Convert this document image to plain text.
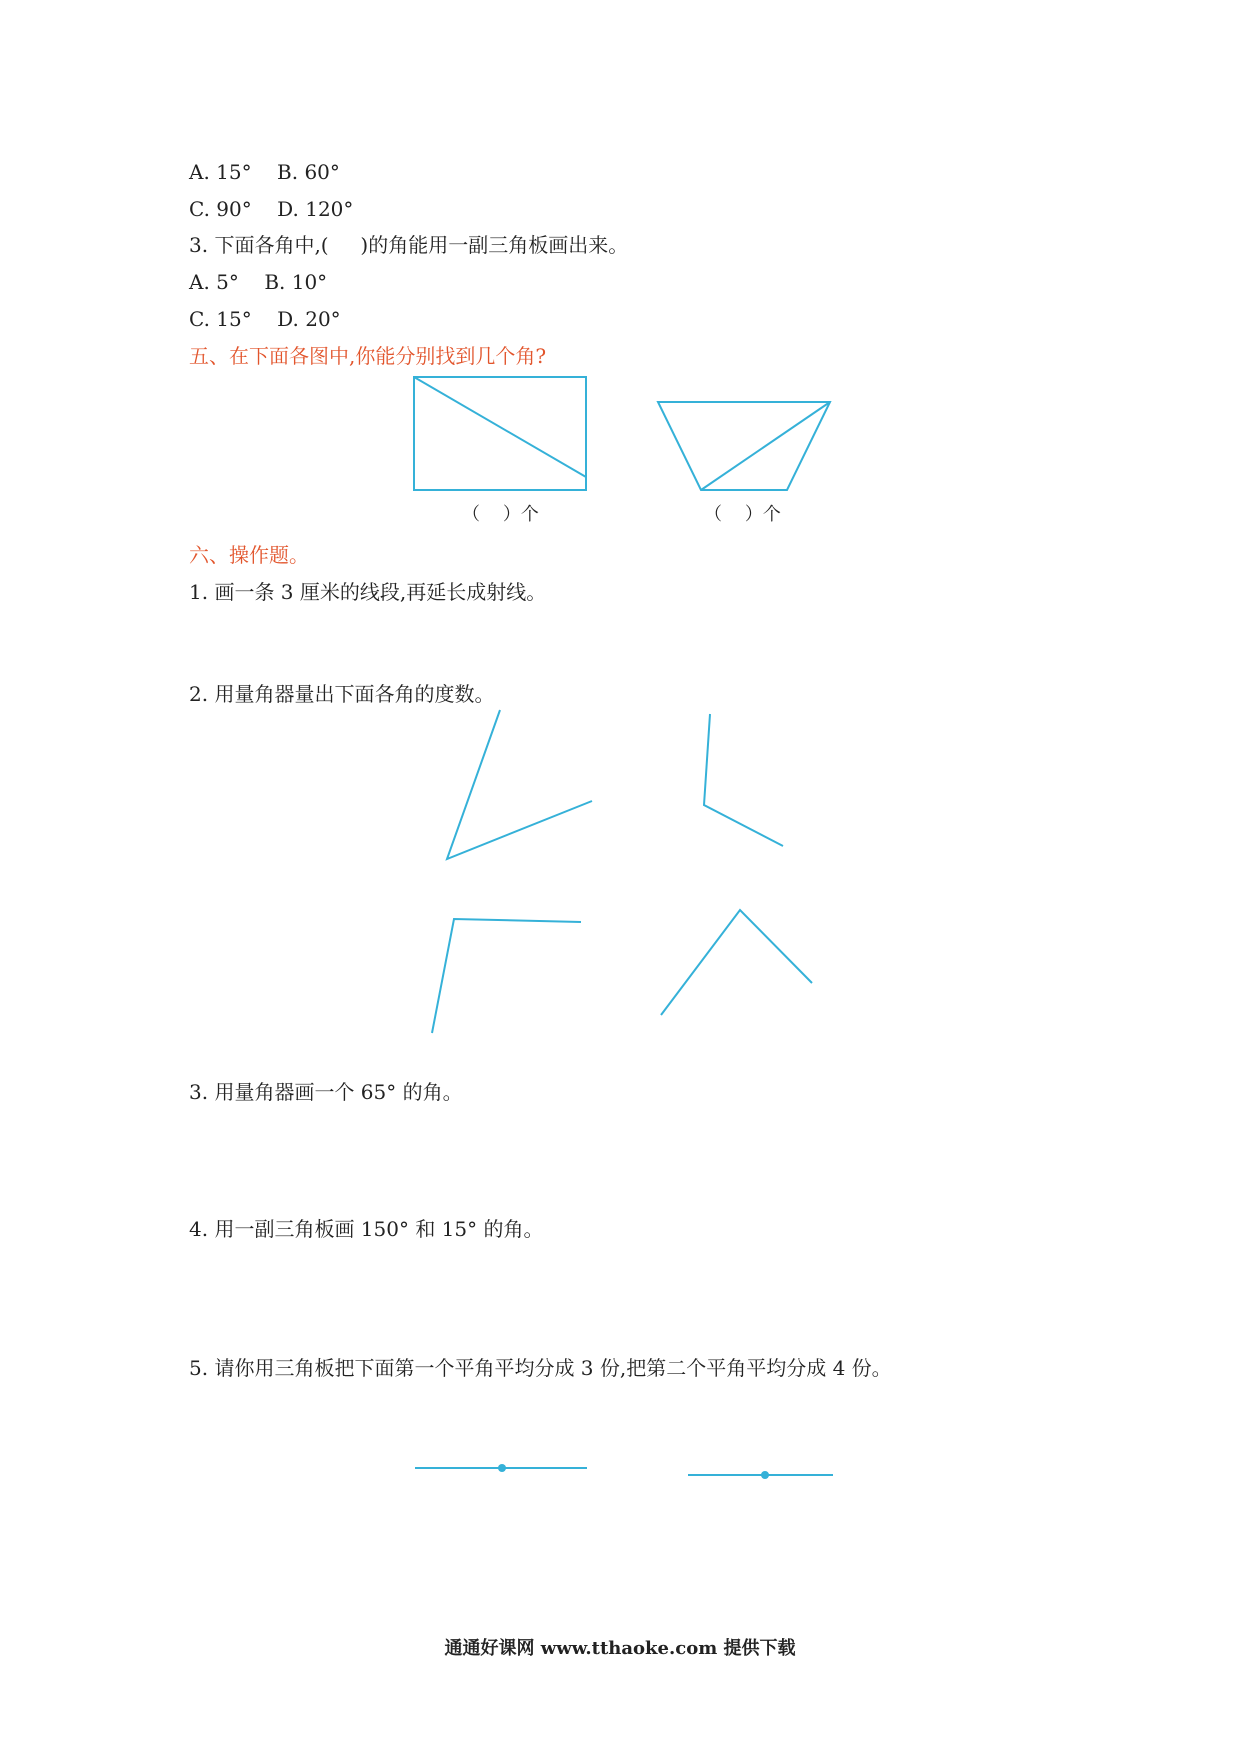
A. 15°    B. 60°
C. 90°    D. 120°
3. 下面各角中,(     )的角能用一副三角板画出来。
A. 5°    B. 10°
C. 15°    D. 20°
五、在下面各图中,你能分别找到几个角?
（    ）个	（    ）个
六、操作题。
1. 画一条 3 厘米的线段,再延长成射线。
2. 用量角器量出下面各角的度数。
3. 用量角器画一个 65° 的角。
4. 用一副三角板画 150° 和 15° 的角。
5. 请你用三角板把下面第一个平角平均分成 3 份,把第二个平角平均分成 4 份。
通通好课网 www.tthaoke.com 提供下载
